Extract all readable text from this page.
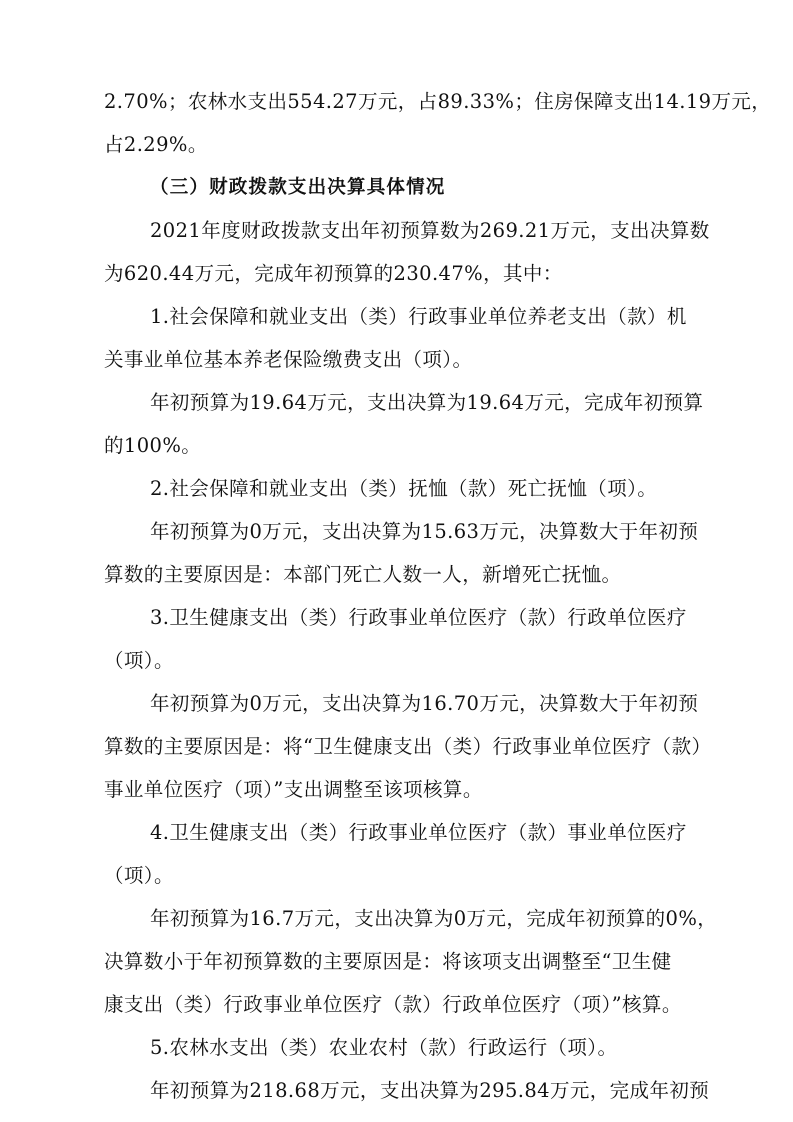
2.70%；农林水支出554.27万元，占89.33%；住房保障支出14.19万元，
占2.29%。
（三）财政拨款支出决算具体情况
2021年度财政拨款支出年初预算数为269.21万元，支出决算数
为620.44万元，完成年初预算的230.47%，其中：
1.社会保障和就业支出（类）行政事业单位养老支出（款）机
关事业单位基本养老保险缴费支出（项）。
年初预算为19.64万元，支出决算为19.64万元，完成年初预算
的100%。
2.社会保障和就业支出（类）抚恤（款）死亡抚恤（项）。
年初预算为0万元，支出决算为15.63万元，决算数大于年初预
算数的主要原因是：本部门死亡人数一人，新增死亡抚恤。
3.卫生健康支出（类）行政事业单位医疗（款）行政单位医疗
（项）。
年初预算为0万元，支出决算为16.70万元，决算数大于年初预
算数的主要原因是：将“卫生健康支出（类）行政事业单位医疗（款）
事业单位医疗（项）”支出调整至该项核算。
4.卫生健康支出（类）行政事业单位医疗（款）事业单位医疗
（项）。
年初预算为16.7万元，支出决算为0万元，完成年初预算的0%，
决算数小于年初预算数的主要原因是：将该项支出调整至“卫生健
康支出（类）行政事业单位医疗（款）行政单位医疗（项）”核算。
5.农林水支出（类）农业农村（款）行政运行（项）。
年初预算为218.68万元，支出决算为295.84万元，完成年初预
